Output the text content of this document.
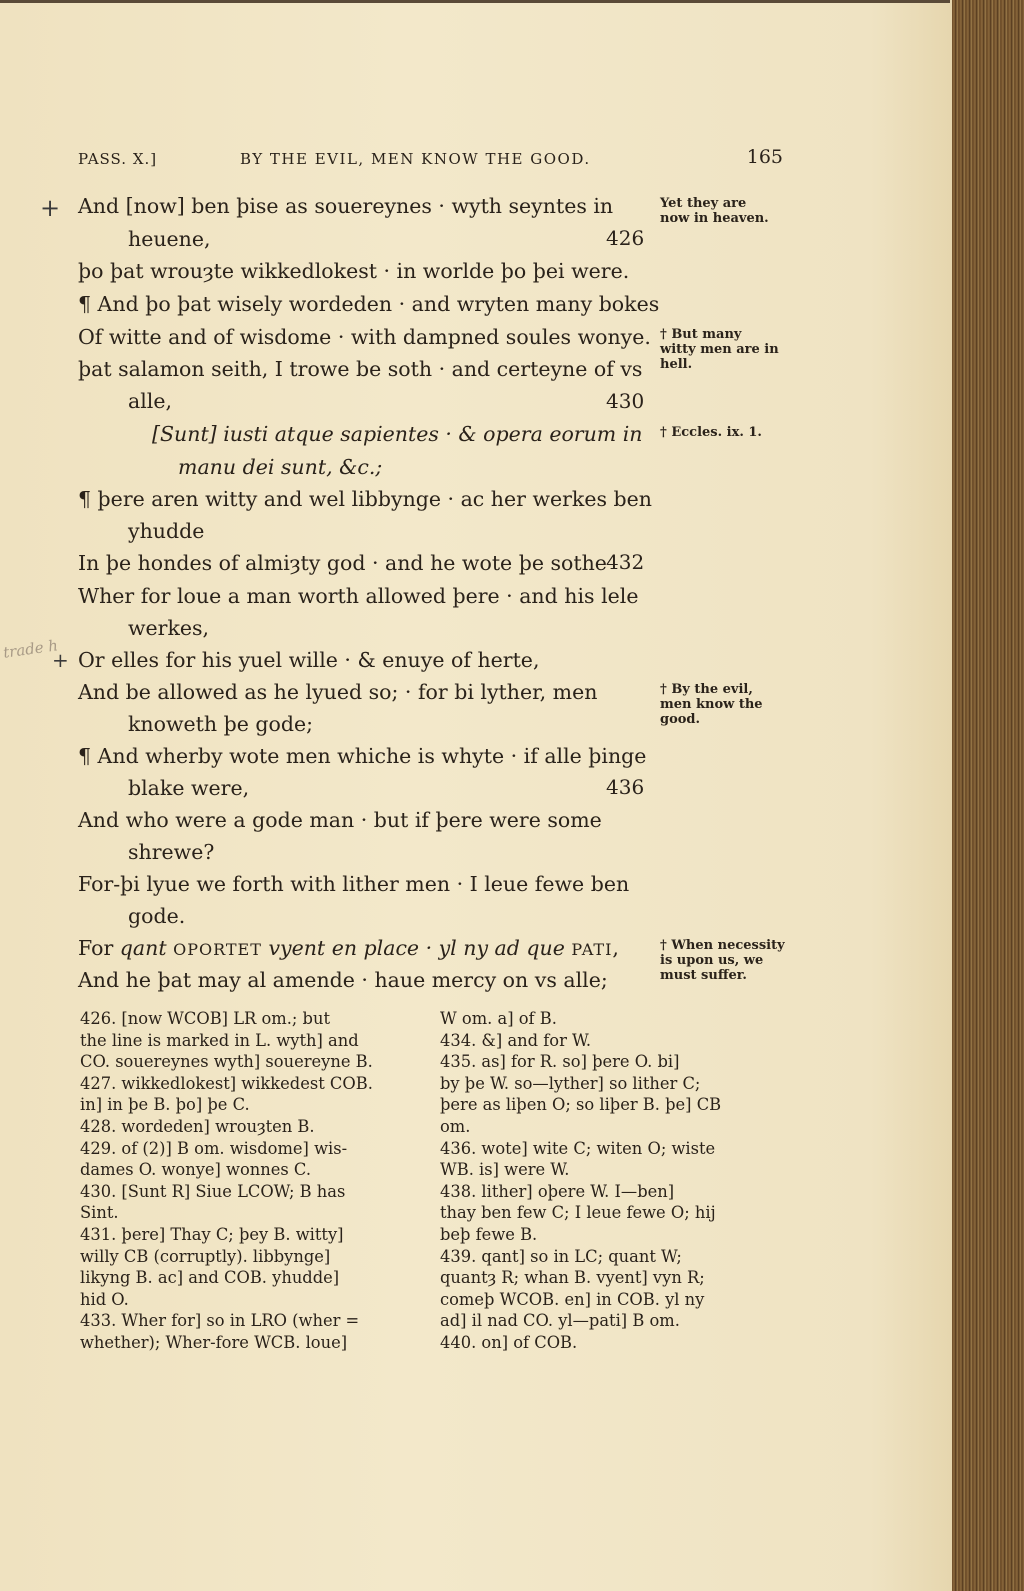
PASS. X.]	BY THE EVIL, MEN KNOW THE GOOD.	165
+
+
trade h
And [now] ben þise as souereynes · wyth seyntes in
heuene,	426
þo þat wrouȝte wikkedlokest · in worlde þo þei were.
¶ And þo þat wisely wordeden · and wryten many bokes
Of witte and of wisdome · with dampned soules wonye.
þat salamon seith, I trowe be soth · and certeyne of vs
alle,	430
[Sunt] iusti atque sapientes · & opera eorum in
manu dei sunt, &c.;
¶ þere aren witty and wel libbynge · ac her werkes ben
yhudde
In þe hondes of almiȝty god · and he wote þe sothe 432
Wher for loue a man worth allowed þere · and his lele
werkes,
Or elles for his yuel wille · & enuye of herte,
And be allowed as he lyued so; · for bi lyther, men
knoweth þe gode;
¶ And wherby wote men whiche is whyte · if alle þinge
blake were,	436
And who were a gode man · but if þere were some
shrewe?
For-þi lyue we forth with lither men · I leue fewe ben
gode.
For qant OPORTET vyent en place · yl ny ad que PATI,
And he þat may al amende · haue mercy on vs alle;
Yet they are now in heaven.
† But many witty men are in hell.
† Eccles. ix. 1.
† By the evil, men know the good.
† When necessity is upon us, we must suffer.
426. [now WCOB] LR om.; but
the line is marked in L. wyth] and
CO. souereynes wyth] souereyne B.
427. wikkedlokest] wikkedest COB.
in] in þe B. þo] þe C.
428. wordeden] wrouȝten B.
429. of (2)] B om. wisdome] wis-
dames O. wonye] wonnes C.
430. [Sunt R] Siue LCOW; B has
Sint.
431. þere] Thay C; þey B. witty]
willy CB (corruptly). libbynge]
likyng B. ac] and COB. yhudde]
hid O.
433. Wher for] so in LRO (wher =
whether); Wher-fore WCB. loue]
W om. a] of B.
434. &] and for W.
435. as] for R. so] þere O. bi]
by þe W. so—lyther] so lither C;
þere as liþen O; so liþer B. þe] CB
om.
436. wote] wite C; witen O; wiste
WB. is] were W.
438. lither] oþere W. I—ben]
thay ben few C; I leue fewe O; hij
beþ fewe B.
439. qant] so in LC; quant W;
quantȝ R; whan B. vyent] vyn R;
comeþ WCOB. en] in COB. yl ny
ad] il nad CO. yl—pati] B om.
440. on] of COB.
